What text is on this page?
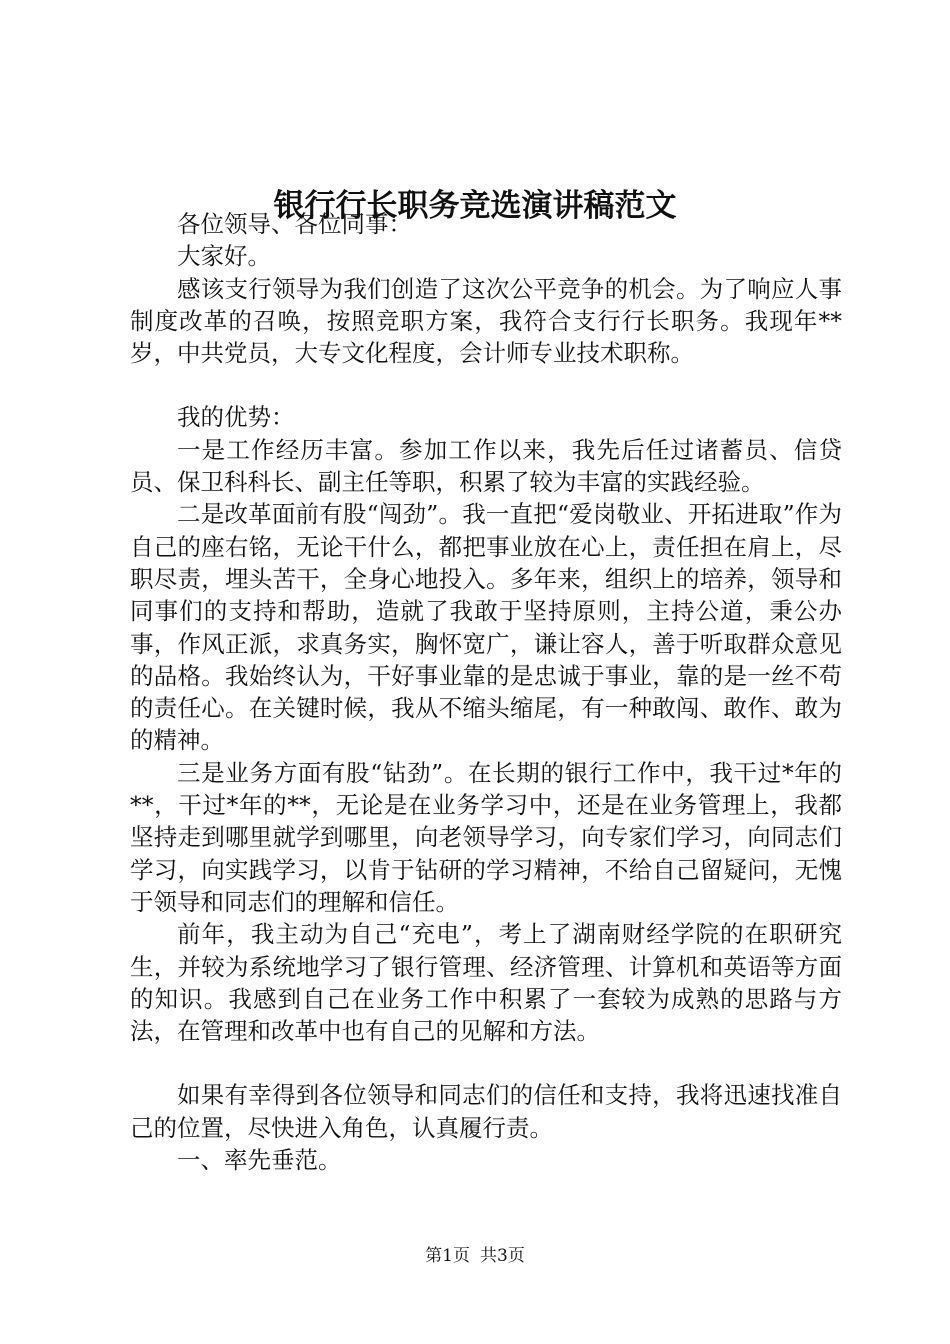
银行行长职务竞选演讲稿范文

各位领导、各位同事：

大家好。

感该支行领导为我们创造了这次公平竞争的机会。为了响应人事制度改革的召唤，按照竞职方案，我符合支行行长职务。我现年**岁，中共党员，大专文化程度，会计师专业技术职称。

我的优势：

一是工作经历丰富。参加工作以来，我先后任过诸蓄员、信贷员、保卫科科长、副主任等职，积累了较为丰富的实践经验。

二是改革面前有股“闯劲”。我一直把“爱岗敬业、开拓进取”作为自己的座右铭，无论干什么，都把事业放在心上，责任担在肩上，尽职尽责，埋头苦干，全身心地投入。多年来，组织上的培养，领导和同事们的支持和帮助，造就了我敢于坚持原则，主持公道，秉公办事，作风正派，求真务实，胸怀宽广，谦让容人，善于听取群众意见的品格。我始终认为，干好事业靠的是忠诚于事业，靠的是一丝不苟的责任心。在关键时候，我从不缩头缩尾，有一种敢闯、敢作、敢为的精神。

三是业务方面有股“钻劲”。在长期的银行工作中，我干过*年的**，干过*年的**，无论是在业务学习中，还是在业务管理上，我都坚持走到哪里就学到哪里，向老领导学习，向专家们学习，向同志们学习，向实践学习，以肯于钻研的学习精神，不给自己留疑问，无愧于领导和同志们的理解和信任。

前年，我主动为自己“充电”，考上了湖南财经学院的在职研究生，并较为系统地学习了银行管理、经济管理、计算机和英语等方面的知识。我感到自己在业务工作中积累了一套较为成熟的思路与方法，在管理和改革中也有自己的见解和方法。

如果有幸得到各位领导和同志们的信任和支持，我将迅速找准自己的位置，尽快进入角色，认真履行责。

一、率先垂范。

第1页 共3页
